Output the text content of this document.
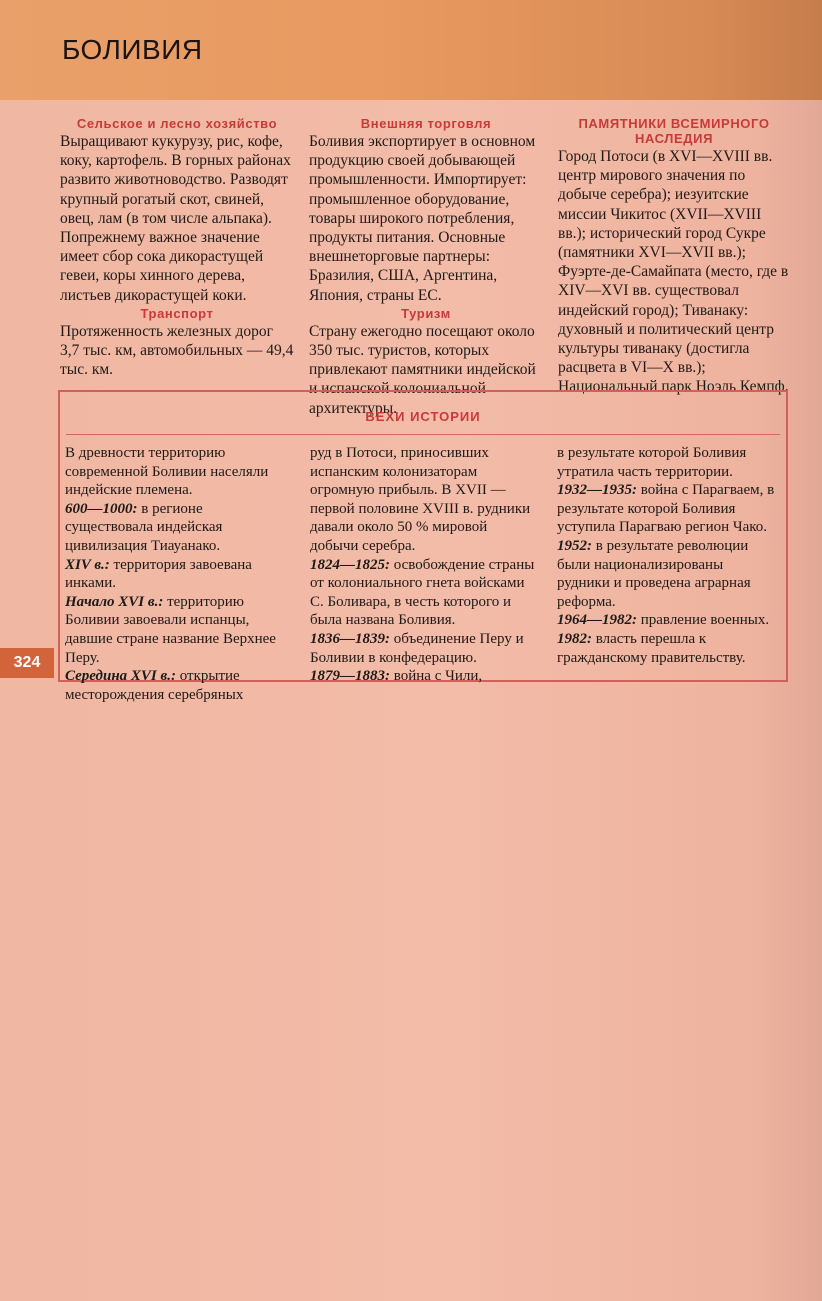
БОЛИВИЯ
Сельское и лесно хозяйство

Выращивают кукурузу, рис, кофе, коку, картофель. В горных районах развито животноводство. Разводят крупный рогатый скот, свиней, овец, лам (в том числе альпака). Попрежнему важное значение имеет сбор сока дикорастущей гевеи, коры хинного дерева, листьев дикорастущей коки.

Транспорт

Протяженность железных дорог 3,7 тыс. км, автомобильных — 49,4 тыс. км.

Внешняя торговля

Боливия экспортирует в основном продукцию своей добывающей промышленности. Импортирует: промышленное оборудование, товары широкого потребления, продукты питания. Основные внешнеторговые партнеры: Бразилия, США, Аргентина, Япония, страны ЕС.

Туризм

Страну ежегодно посещают около 350 тыс. туристов, которых привлекают памятники индейской и испанской колониальной архитектуры.

ПАМЯТНИКИ ВСЕМИРНОГО НАСЛЕДИЯ

Город Потоси (в XVI—XVIII вв. центр мирового значения по добыче серебра); иезуитские миссии Чикитос (XVII—XVIII вв.); исторический город Сукре (памятники XVI—XVII вв.); Фуэрте-де-Самайпата (место, где в XIV—XVI вв. существовал индейский город); Тиванаку: духовный и политический центр культуры тиванаку (достигла расцвета в VI—X вв.); Национальный парк Ноэль Кемпф.

ВЕХИ ИСТОРИИ
В древности территорию современной Боливии населяли индейские племена.
600—1000: в регионе существовала индейская цивилизация Тиауанако.
XIV в.: территория завоевана инками.
Начало XVI в.: территорию Боливии завоевали испанцы, давшие стране название Верхнее Перу.
Середина XVI в.: открытие месторождения серебряных
руд в Потоси, приносивших испанским колонизаторам огромную прибыль. В XVII — первой половине XVIII в. рудники давали около 50 % мировой добычи серебра.
1824—1825: освобождение страны от колониального гнета войсками С. Боливара, в честь которого и была названа Боливия.
1836—1839: объединение Перу и Боливии в конфедерацию.
1879—1883: война с Чили,
в результате которой Боливия утратила часть территории.
1932—1935: война с Парагваем, в результате которой Боливия уступила Парагваю регион Чако.
1952: в результате революции были национализированы рудники и проведена аграрная реформа.
1964—1982: правление военных.
1982: власть перешла к гражданскому правительству.
324
